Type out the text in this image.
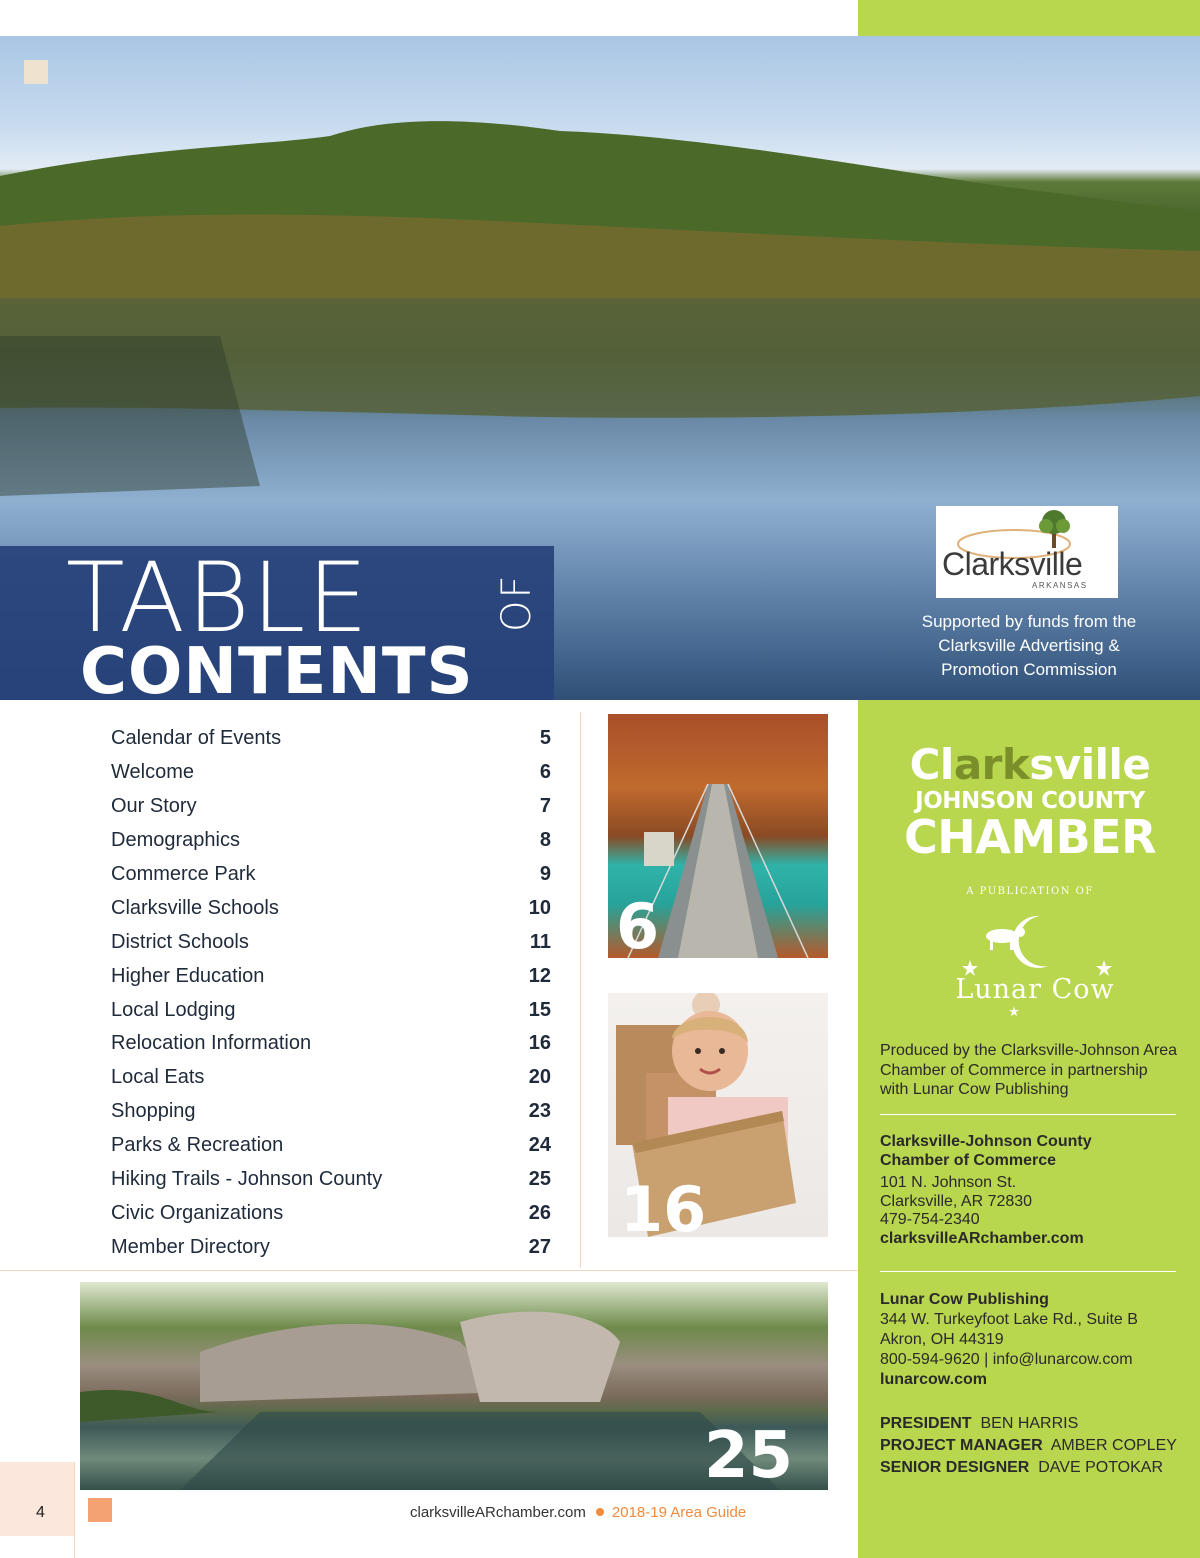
TABLE	OF
CONTENTS
Clarksville
ARKANSAS
Supported by funds from the Clarksville Advertising & Promotion Commission
Calendar of Events	5
Welcome	6
Our Story	7
Demographics	8
Commerce Park	9
Clarksville Schools	10
District Schools	11
Higher Education	12
Local Lodging	15
Relocation Information	16
Local Eats	20
Shopping	23
Parks & Recreation	24
Hiking Trails - Johnson County	25
Civic Organizations	26
Member Directory	27
6
16
25
Clarksville
JOHNSON COUNTY
CHAMBER
A PUBLICATION OF
Lunar Cow
Produced by the Clarksville-Johnson Area Chamber of Commerce in partnership with Lunar Cow Publishing
Clarksville-Johnson County Chamber of Commerce
101 N. Johnson St.
Clarksville, AR 72830
479-754-2340
clarksvilleARchamber.com
Lunar Cow Publishing
344 W. Turkeyfoot Lake Rd., Suite B
Akron, OH 44319
800-594-9620 | info@lunarcow.com
lunarcow.com
PRESIDENT BEN HARRIS
PROJECT MANAGER AMBER COPLEY
SENIOR DESIGNER DAVE POTOKAR
4	clarksvilleARchamber.com 2018-19 Area Guide
